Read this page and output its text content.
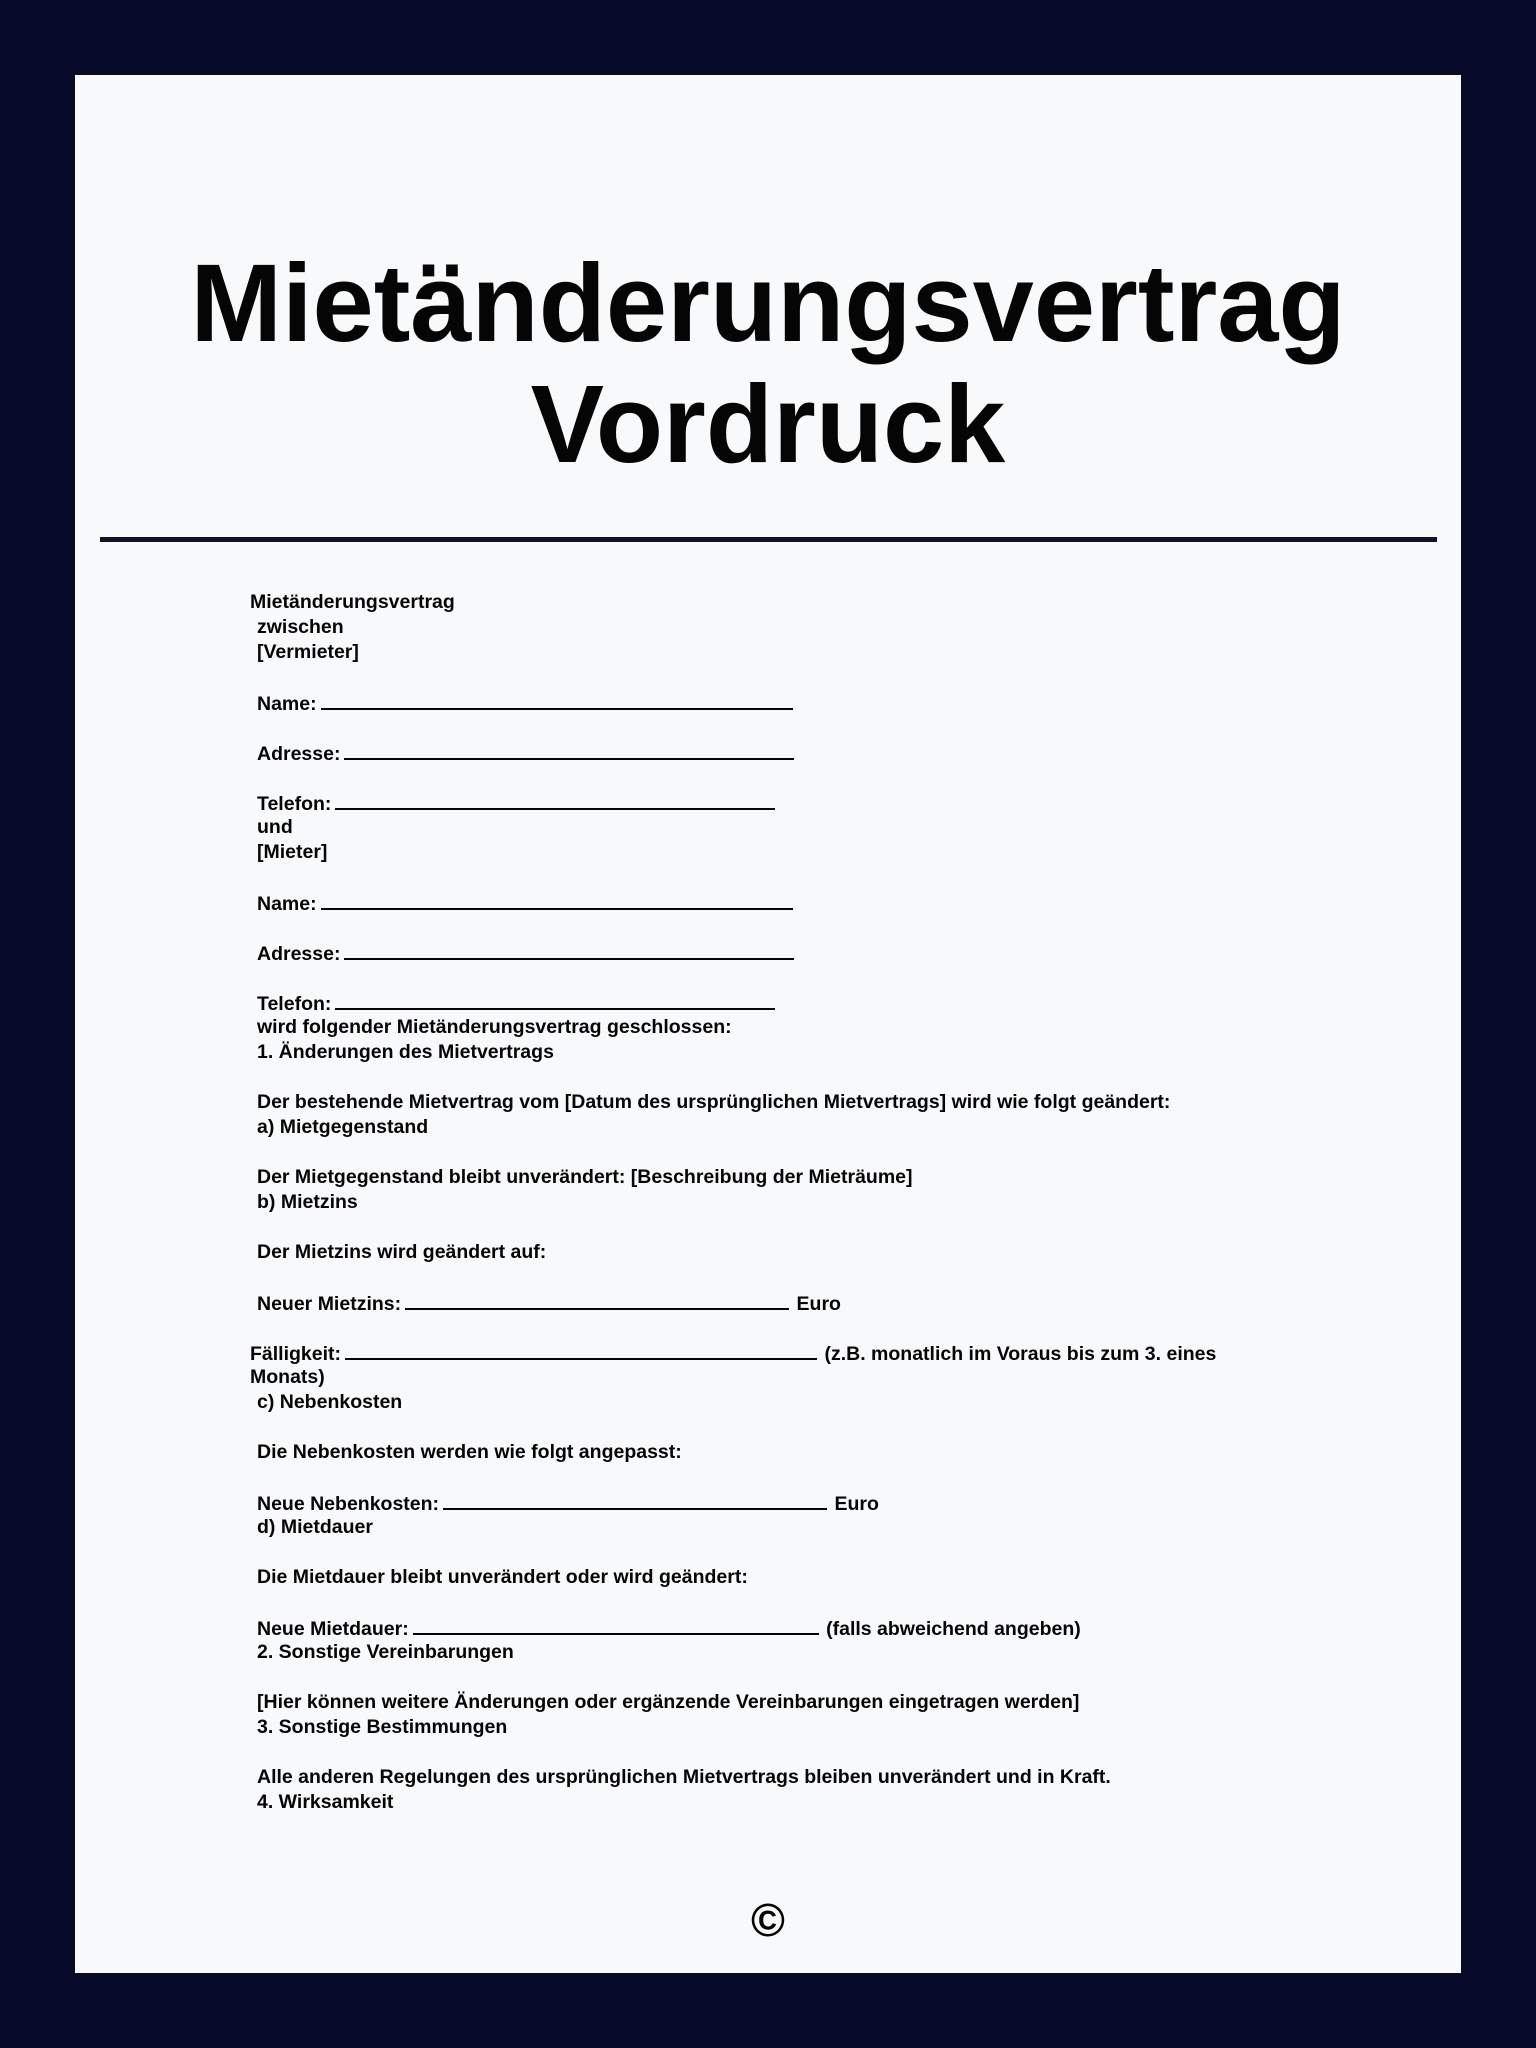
Mietänderungsvertrag
Vordruck
Mietänderungsvertrag
zwischen
[Vermieter]
Name:
Adresse:
Telefon:
und
[Mieter]
Name:
Adresse:
Telefon:
wird folgender Mietänderungsvertrag geschlossen:
1. Änderungen des Mietvertrags
Der bestehende Mietvertrag vom [Datum des ursprünglichen Mietvertrags] wird wie folgt geändert:
a) Mietgegenstand
Der Mietgegenstand bleibt unverändert: [Beschreibung der Mieträume]
b) Mietzins
Der Mietzins wird geändert auf:
Neuer Mietzins:	Euro
Fälligkeit:	(z.B. monatlich im Voraus bis zum 3. eines
Monats)
c) Nebenkosten
Die Nebenkosten werden wie folgt angepasst:
Neue Nebenkosten:	Euro
d) Mietdauer
Die Mietdauer bleibt unverändert oder wird geändert:
Neue Mietdauer:	(falls abweichend angeben)
2. Sonstige Vereinbarungen
[Hier können weitere Änderungen oder ergänzende Vereinbarungen eingetragen werden]
3. Sonstige Bestimmungen
Alle anderen Regelungen des ursprünglichen Mietvertrags bleiben unverändert und in Kraft.
4. Wirksamkeit
©
